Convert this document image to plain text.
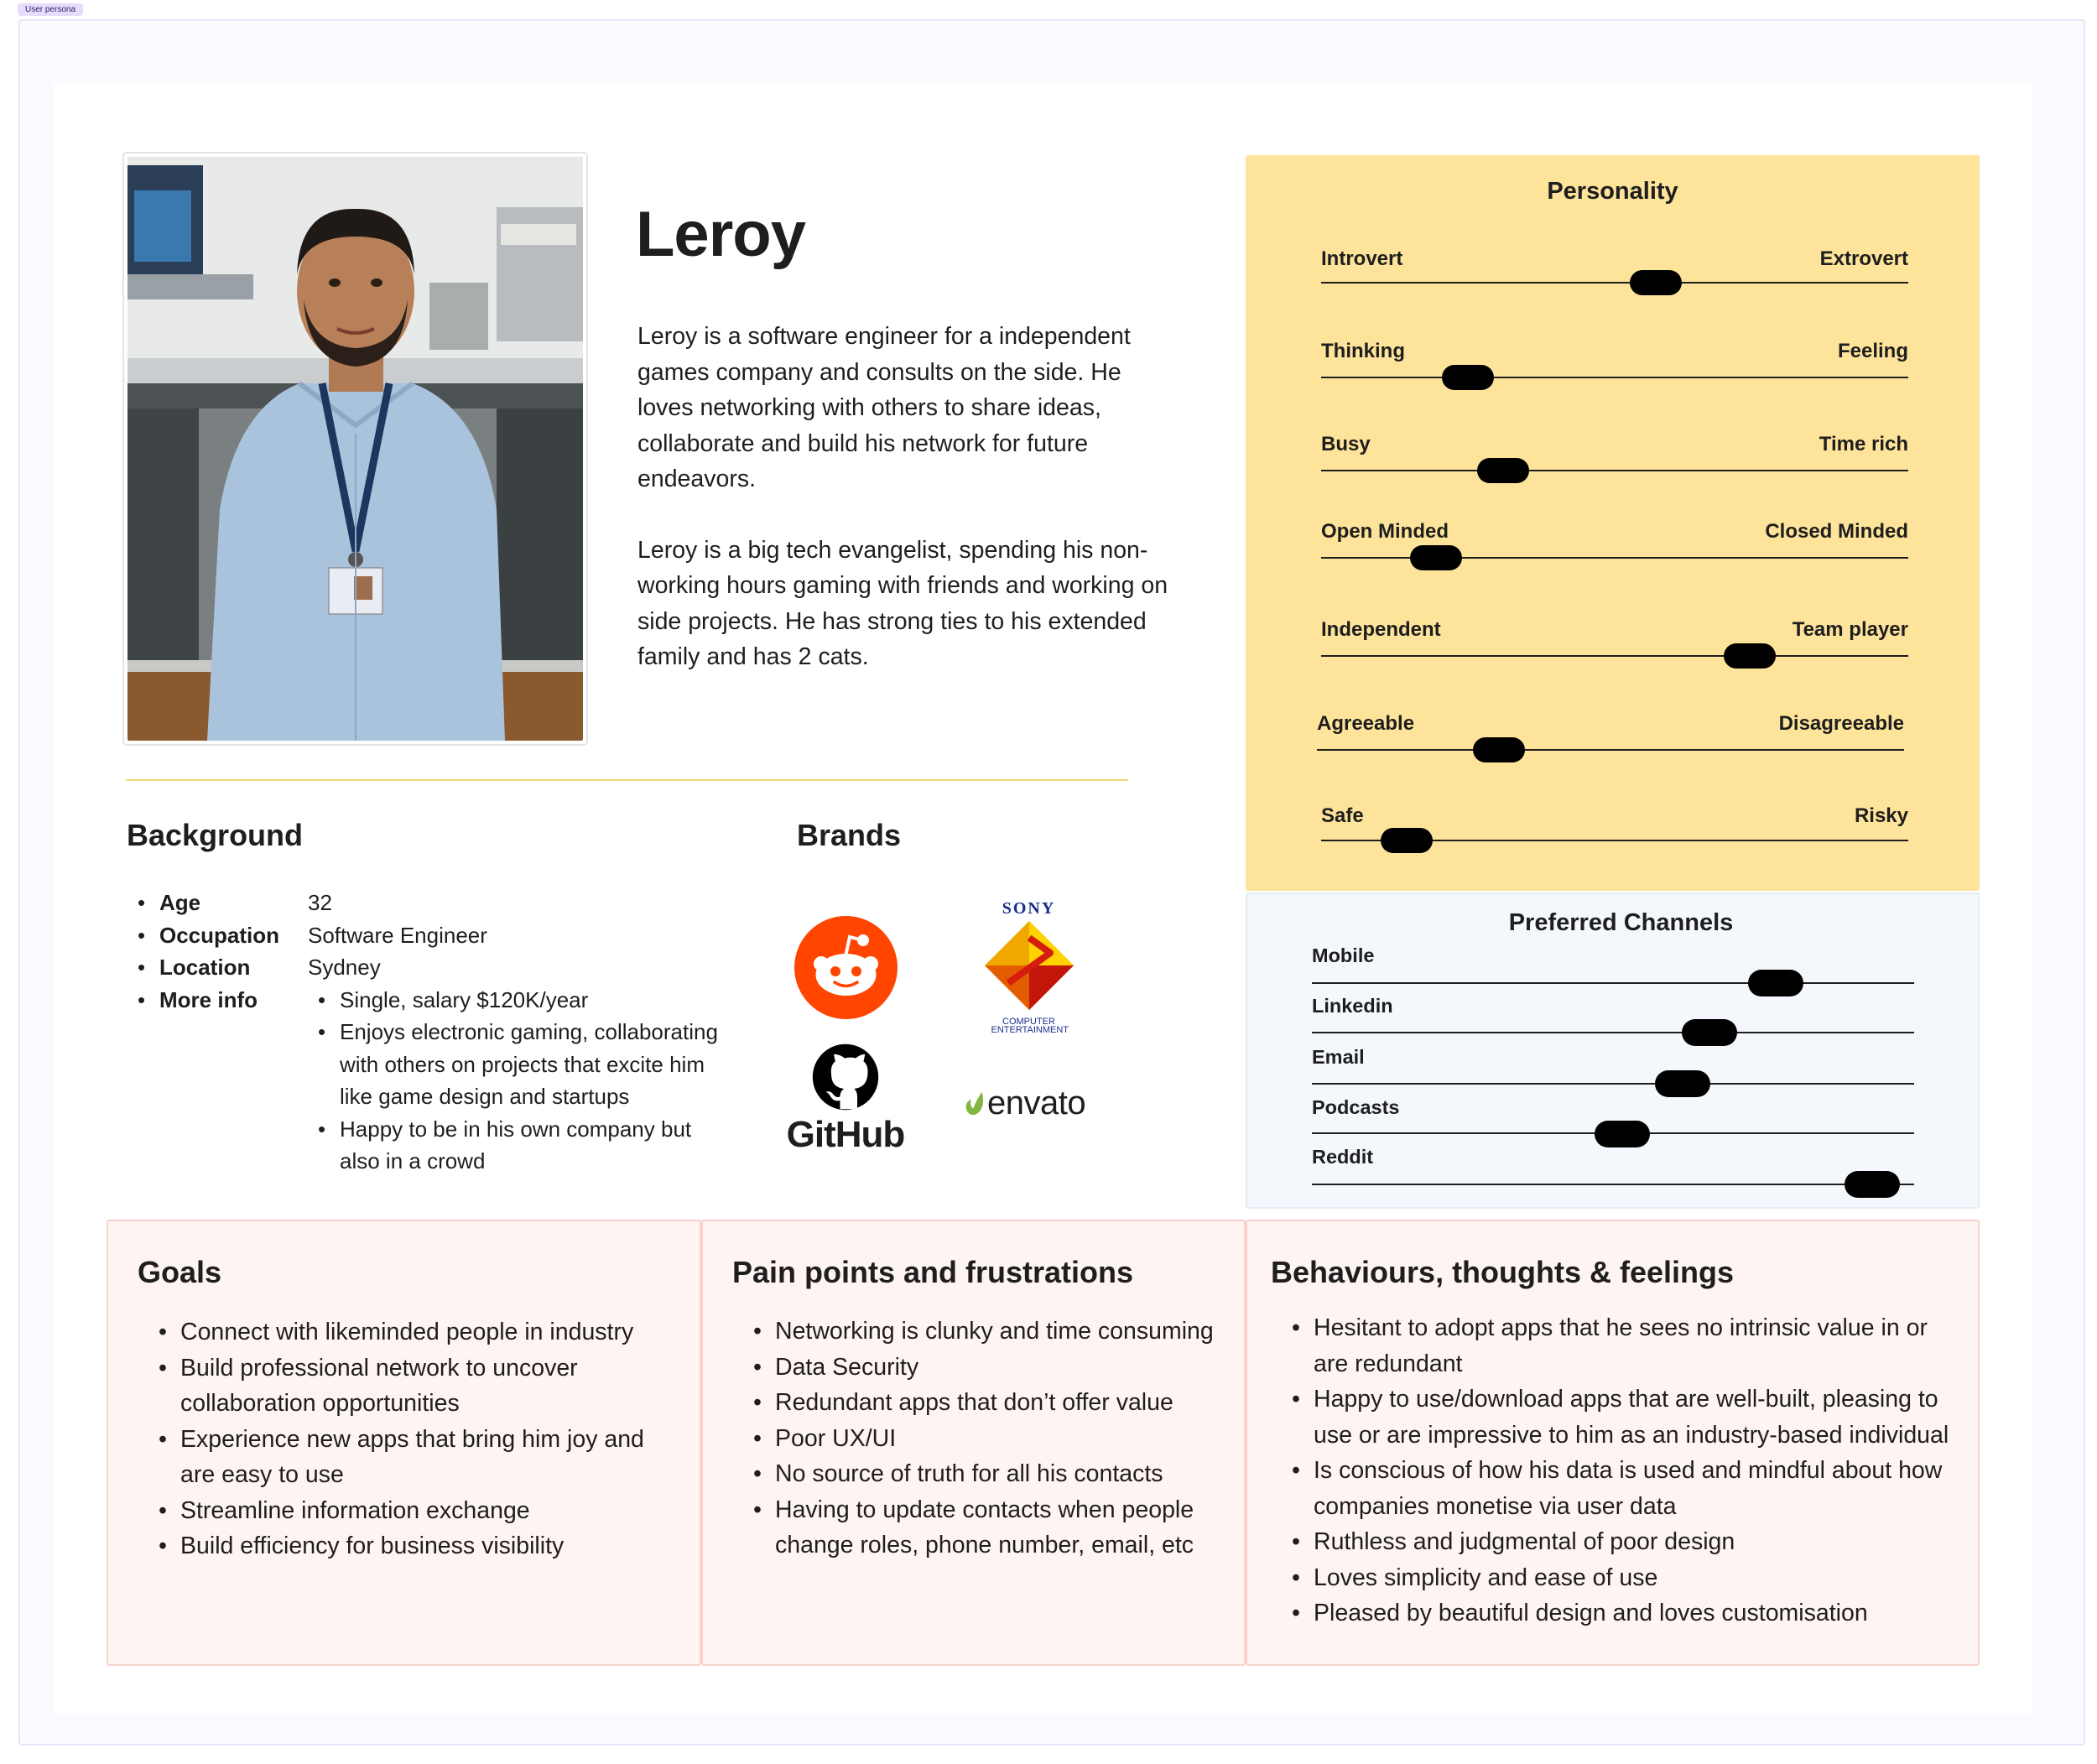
User persona
Leroy

Leroy is a software engineer for a independent games company and consults on the side. He loves networking with others to share ideas, collaborate and build his network for future endeavors.

Leroy is a big tech evangelist, spending his non-working hours gaming with friends and working on side projects. He has strong ties to his extended family and has 2 cats.

Background
• Age	32
• Occupation	Software Engineer
• Location	Sydney
• More info
•	Single, salary $120K/year
• Enjoys electronic gaming, collaborating with others on projects that excite him like game design and startups
• Happy to be in his own company but also in a crowd
Brands
SONY
COMPUTER ENTERTAINMENT
GitHub
envato
Personality
Introvert	Extrovert
Thinking	Feeling
Busy	Time rich
Open Minded	Closed Minded
Independent	Team player
Agreeable	Disagreeable
Safe	Risky
Preferred Channels
Mobile
Linkedin
Email
Podcasts
Reddit
Goals
• Connect with likeminded people in industry
• Build professional network to uncover collaboration opportunities
• Experience new apps that bring him joy and are easy to use
• Streamline information exchange
• Build efficiency for business visibility
Pain points and frustrations
• Networking is clunky and time consuming
• Data Security
• Redundant apps that don’t offer value
• Poor UX/UI
• No source of truth for all his contacts
• Having to update contacts when people change roles, phone number, email, etc
Behaviours, thoughts & feelings
• Hesitant to adopt apps that he sees no intrinsic value in or are redundant
• Happy to use/download apps that are well-built, pleasing to use or are impressive to him as an industry-based individual
• Is conscious of how his data is used and mindful about how companies monetise via user data
• Ruthless and judgmental of poor design
• Loves simplicity and ease of use
• Pleased by beautiful design and loves customisation
